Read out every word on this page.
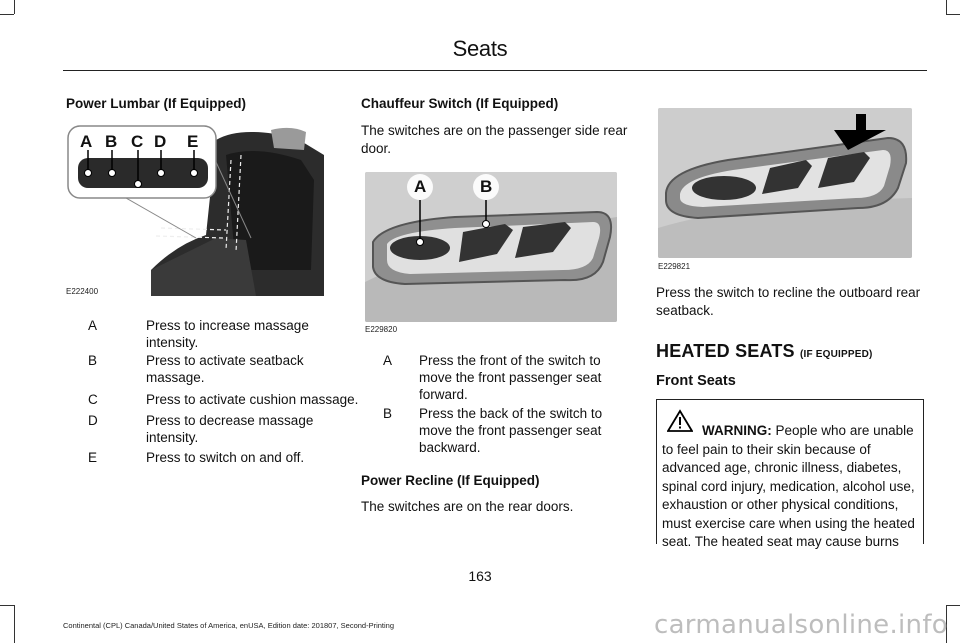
Seats
Power Lumbar (If Equipped)
A B C D E
E222400
A	Press to increase massage intensity.
B	Press to activate seatback massage.
C	Press to activate cushion massage.
D	Press to decrease massage intensity.
E	Press to switch on and off.
Chauffeur Switch (If Equipped)
The switches are on the passenger side rear door.
A	B
E229820
A Press the front of the switch to move the front passenger seat forward.
B Press the back of the switch to move the front passenger seat backward.
Power Recline (If Equipped)
The switches are on the rear doors.
E229821
Press the switch to recline the outboard rear seatback.
HEATED SEATS (IF EQUIPPED)
Front Seats
WARNING: People who are unable to feel pain to their skin because of advanced age, chronic illness, diabetes, spinal cord injury, medication, alcohol use, exhaustion or other physical conditions, must exercise care when using the heated seat. The heated seat may cause burns
163
Continental (CPL) Canada/United States of America, enUSA, Edition date: 201807, Second-Printing	carmanualsonline.info
